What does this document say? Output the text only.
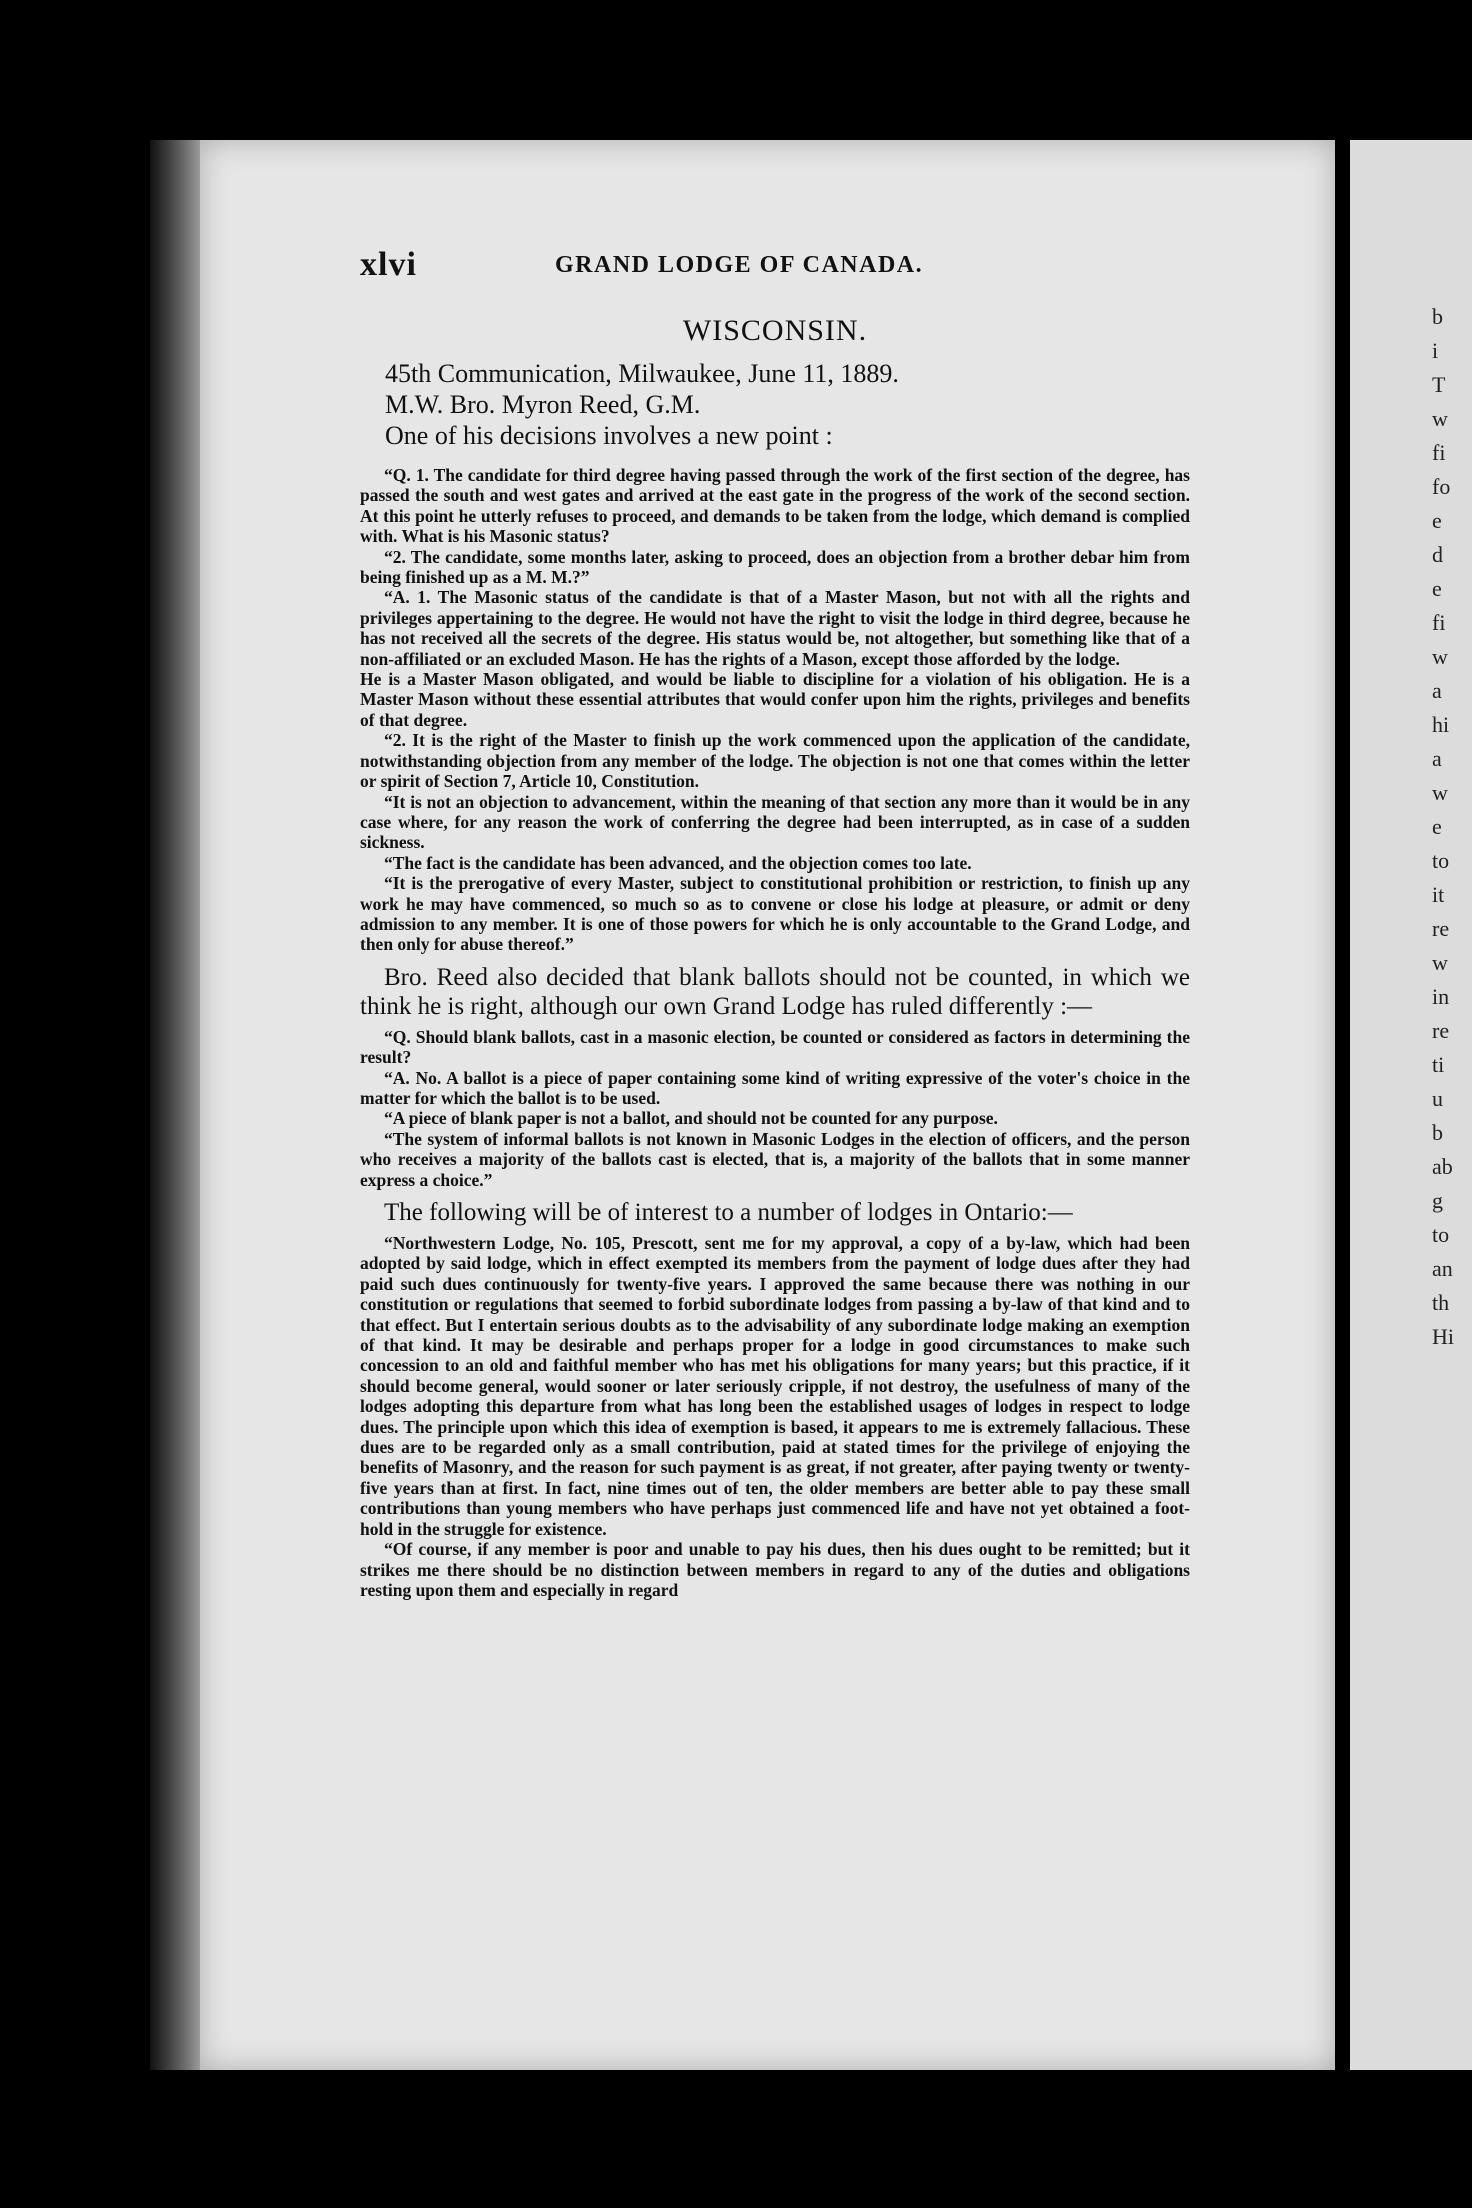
xlvi	GRAND LODGE OF CANADA.
WISCONSIN.

45th Communication, Milwaukee, June 11, 1889.

M.W. Bro. Myron Reed, G.M.

One of his decisions involves a new point :

“Q. 1. The candidate for third degree having passed through the work of the first section of the degree, has passed the south and west gates and arrived at the east gate in the progress of the work of the second section. At this point he utterly refuses to proceed, and demands to be taken from the lodge, which demand is complied with. What is his Masonic status?

“2. The candidate, some months later, asking to proceed, does an objection from a brother debar him from being finished up as a M. M.?”

“A. 1. The Masonic status of the candidate is that of a Master Mason, but not with all the rights and privileges appertaining to the degree. He would not have the right to visit the lodge in third degree, because he has not received all the secrets of the degree. His status would be, not altogether, but something like that of a non-affiliated or an excluded Mason. He has the rights of a Mason, except those afforded by the lodge.

He is a Master Mason obligated, and would be liable to discipline for a violation of his obligation. He is a Master Mason without these essential attributes that would confer upon him the rights, privileges and benefits of that degree.

“2. It is the right of the Master to finish up the work commenced upon the application of the candidate, notwithstanding objection from any member of the lodge. The objection is not one that comes within the letter or spirit of Section 7, Article 10, Constitution.

“It is not an objection to advancement, within the meaning of that section any more than it would be in any case where, for any reason the work of conferring the degree had been interrupted, as in case of a sudden sickness.

“The fact is the candidate has been advanced, and the objection comes too late.

“It is the prerogative of every Master, subject to constitutional prohibition or restriction, to finish up any work he may have commenced, so much so as to convene or close his lodge at pleasure, or admit or deny admission to any member. It is one of those powers for which he is only accountable to the Grand Lodge, and then only for abuse thereof.”

Bro. Reed also decided that blank ballots should not be counted, in which we think he is right, although our own Grand Lodge has ruled differently :—

“Q. Should blank ballots, cast in a masonic election, be counted or considered as factors in determining the result?

“A. No. A ballot is a piece of paper containing some kind of writing expressive of the voter's choice in the matter for which the ballot is to be used.

“A piece of blank paper is not a ballot, and should not be counted for any purpose.

“The system of informal ballots is not known in Masonic Lodges in the election of officers, and the person who receives a majority of the ballots cast is elected, that is, a majority of the ballots that in some manner express a choice.”

The following will be of interest to a number of lodges in Ontario:—

“Northwestern Lodge, No. 105, Prescott, sent me for my approval, a copy of a by-law, which had been adopted by said lodge, which in effect exempted its members from the payment of lodge dues after they had paid such dues continuously for twenty-five years. I approved the same because there was nothing in our constitution or regulations that seemed to forbid subordinate lodges from passing a by-law of that kind and to that effect. But I entertain serious doubts as to the advisability of any subordinate lodge making an exemption of that kind. It may be desirable and perhaps proper for a lodge in good circumstances to make such concession to an old and faithful member who has met his obligations for many years; but this practice, if it should become general, would sooner or later seriously cripple, if not destroy, the usefulness of many of the lodges adopting this departure from what has long been the established usages of lodges in respect to lodge dues. The principle upon which this idea of exemption is based, it appears to me is extremely fallacious. These dues are to be regarded only as a small contribution, paid at stated times for the privilege of enjoying the benefits of Masonry, and the reason for such payment is as great, if not greater, after paying twenty or twenty-five years than at first. In fact, nine times out of ten, the older members are better able to pay these small contributions than young members who have perhaps just commenced life and have not yet obtained a foot-hold in the struggle for existence.

“Of course, if any member is poor and unable to pay his dues, then his dues ought to be remitted; but it strikes me there should be no distinction between members in regard to any of the duties and obligations resting upon them and especially in regard

b
i
T
w
fi
fo
e
d
e
fi
w
a
hi
a
w
e
to
it
re
w
in
re
ti
u
b
ab
g
to
an
th
Hi
